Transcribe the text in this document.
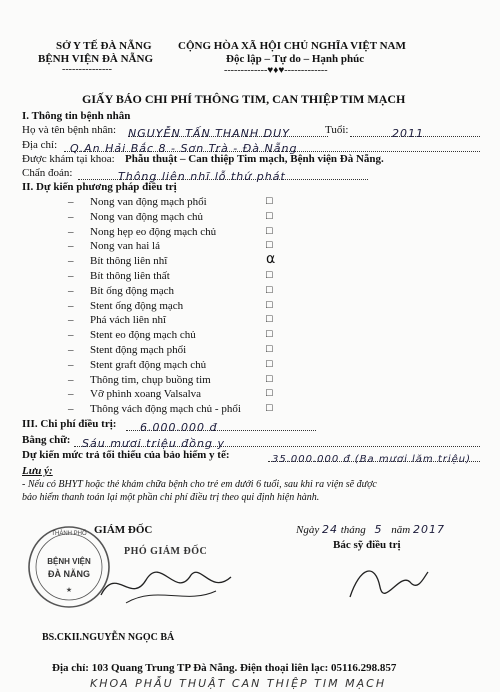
SỞ Y TẾ ĐÀ NẴNG
BỆNH VIỆN ĐÀ NẴNG
---------------
CỘNG HÒA XÃ HỘI CHỦ NGHĨA VIỆT NAM
Độc lập – Tự do – Hạnh phúc
-------------♥♦♥-------------
GIẤY BÁO CHI PHÍ THÔNG TIM, CAN THIỆP TIM MẠCH
I. Thông tin bệnh nhân
Họ và tên bệnh nhân: NGUYỄN TẤN THANH DUY	Tuổi:	2011
Địa chỉ:	Q.An Hải Bắc 8 - Sơn Trà - Đà Nẵng
Được khám tại khoa: Phẫu thuật – Can thiệp Tim mạch, Bệnh viện Đà Nẵng.
Chẩn đoán:	Thông liên nhĩ lỗ thứ phát
II. Dự kiến phương pháp điều trị
– Nong van động mạch phổi	□
– Nong van động mạch chủ	□
– Nong hẹp eo động mạch chủ	□
– Nong van hai lá	□
– Bít thông liên nhĩ	⍺
– Bít thông liên thất	□
– Bít ống động mạch	□
– Stent ống động mạch	□
– Phá vách liên nhĩ	□
– Stent eo động mạch chủ	□
– Stent động mạch phổi	□
– Stent graft động mạch chủ	□
– Thông tim, chụp buồng tim	□
– Vỡ phình xoang Valsalva	□
– Thông vách động mạch chủ - phổi □
III. Chi phí điều trị:	6.000.000 đ
Bằng chữ:	Sáu mươi triệu đồng y
Dự kiến mức trả tối thiểu của bảo hiểm y tế:	35.000.000 đ (Ba mươi lăm triệu)
Lưu ý:
- Nếu có BHYT hoặc thẻ khám chữa bệnh cho trẻ em dưới 6 tuổi, sau khi ra viện sẽ được
bảo hiểm thanh toán lại một phần chi phí điều trị theo qui định hiện hành.
GIÁM ĐỐC	Ngày 24 tháng 5 năm 2017
Bác sỹ điều trị
THÀNH PHỐ
BỆNH VIỆN
ĐÀ NẴNG
★
PHÓ GIÁM ĐỐC
BS.CKII.NGUYỄN NGỌC BÁ
Địa chỉ: 103 Quang Trung TP Đà Nẵng. Điện thoại liên lạc: 05116.298.857
KHOA PHẪU THUẬT CAN THIỆP TIM MẠCH
